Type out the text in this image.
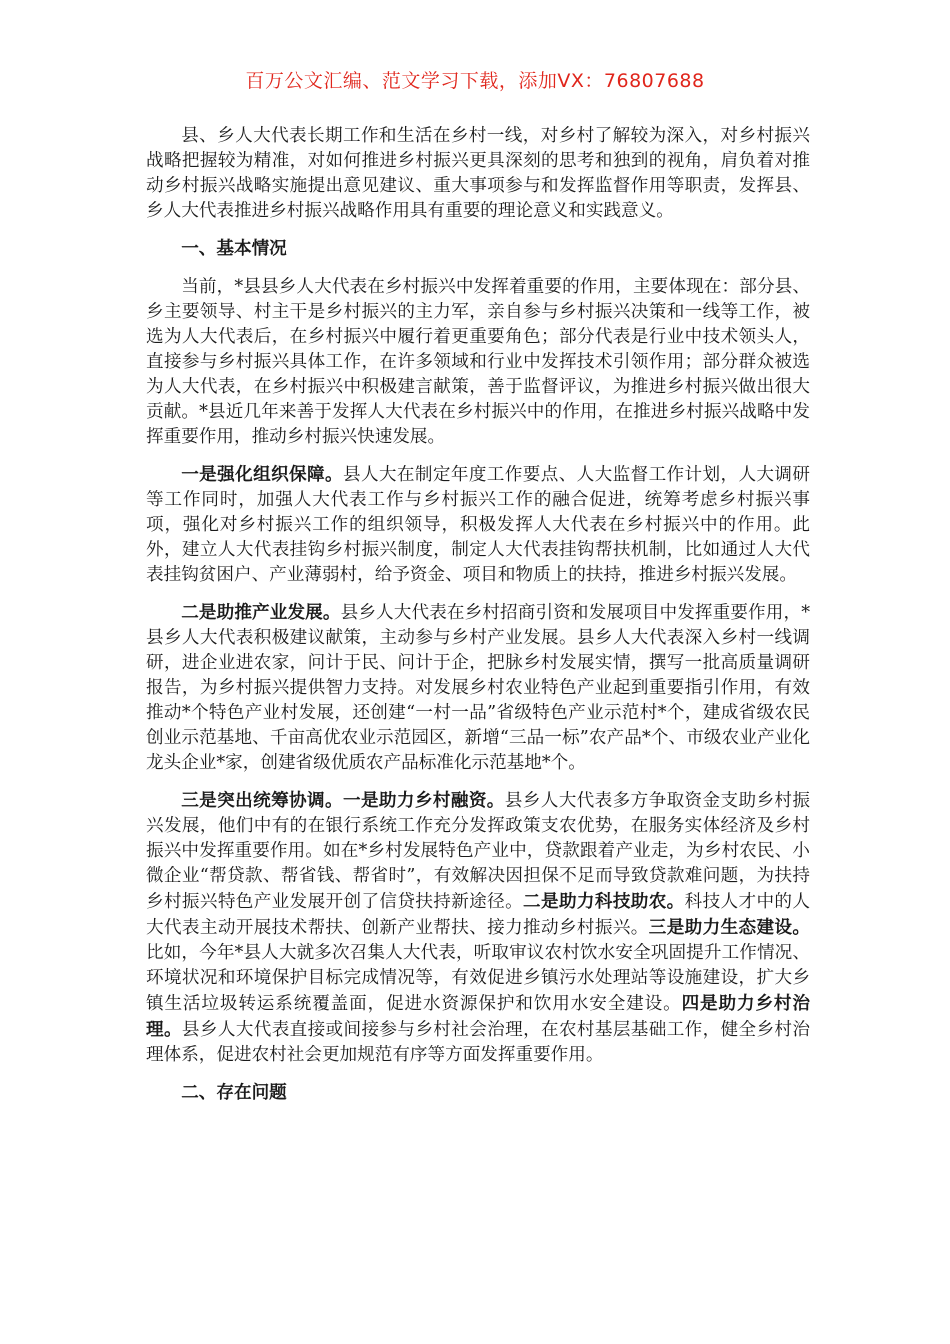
百万公文汇编、范文学习下载，添加VX：76807688

县、乡人大代表长期工作和生活在乡村一线，对乡村了解较为深入，对乡村振兴战略把握较为精准，对如何推进乡村振兴更具深刻的思考和独到的视角，肩负着对推动乡村振兴战略实施提出意见建议、重大事项参与和发挥监督作用等职责，发挥县、乡人大代表推进乡村振兴战略作用具有重要的理论意义和实践意义。

一、基本情况

当前，*县县乡人大代表在乡村振兴中发挥着重要的作用，主要体现在：部分县、乡主要领导、村主干是乡村振兴的主力军，亲自参与乡村振兴决策和一线等工作，被选为人大代表后，在乡村振兴中履行着更重要角色；部分代表是行业中技术领头人，直接参与乡村振兴具体工作，在许多领域和行业中发挥技术引领作用；部分群众被选为人大代表，在乡村振兴中积极建言献策，善于监督评议，为推进乡村振兴做出很大贡献。*县近几年来善于发挥人大代表在乡村振兴中的作用，在推进乡村振兴战略中发挥重要作用，推动乡村振兴快速发展。

一是强化组织保障。县人大在制定年度工作要点、人大监督工作计划，人大调研等工作同时，加强人大代表工作与乡村振兴工作的融合促进，统筹考虑乡村振兴事项，强化对乡村振兴工作的组织领导，积极发挥人大代表在乡村振兴中的作用。此外，建立人大代表挂钩乡村振兴制度，制定人大代表挂钩帮扶机制，比如通过人大代表挂钩贫困户、产业薄弱村，给予资金、项目和物质上的扶持，推进乡村振兴发展。

二是助推产业发展。县乡人大代表在乡村招商引资和发展项目中发挥重要作用，*县乡人大代表积极建议献策，主动参与乡村产业发展。县乡人大代表深入乡村一线调研，进企业进农家，问计于民、问计于企，把脉乡村发展实情，撰写一批高质量调研报告，为乡村振兴提供智力支持。对发展乡村农业特色产业起到重要指引作用，有效推动*个特色产业村发展，还创建“一村一品”省级特色产业示范村*个，建成省级农民创业示范基地、千亩高优农业示范园区，新增“三品一标”农产品*个、市级农业产业化龙头企业*家，创建省级优质农产品标准化示范基地*个。

三是突出统筹协调。一是助力乡村融资。县乡人大代表多方争取资金支助乡村振兴发展，他们中有的在银行系统工作充分发挥政策支农优势，在服务实体经济及乡村振兴中发挥重要作用。如在*乡村发展特色产业中，贷款跟着产业走，为乡村农民、小微企业“帮贷款、帮省钱、帮省时”，有效解决因担保不足而导致贷款难问题，为扶持乡村振兴特色产业发展开创了信贷扶持新途径。二是助力科技助农。科技人才中的人大代表主动开展技术帮扶、创新产业帮扶、接力推动乡村振兴。三是助力生态建设。比如，今年*县人大就多次召集人大代表，听取审议农村饮水安全巩固提升工作情况、环境状况和环境保护目标完成情况等，有效促进乡镇污水处理站等设施建设，扩大乡镇生活垃圾转运系统覆盖面，促进水资源保护和饮用水安全建设。四是助力乡村治理。县乡人大代表直接或间接参与乡村社会治理，在农村基层基础工作，健全乡村治理体系，促进农村社会更加规范有序等方面发挥重要作用。

二、存在问题
